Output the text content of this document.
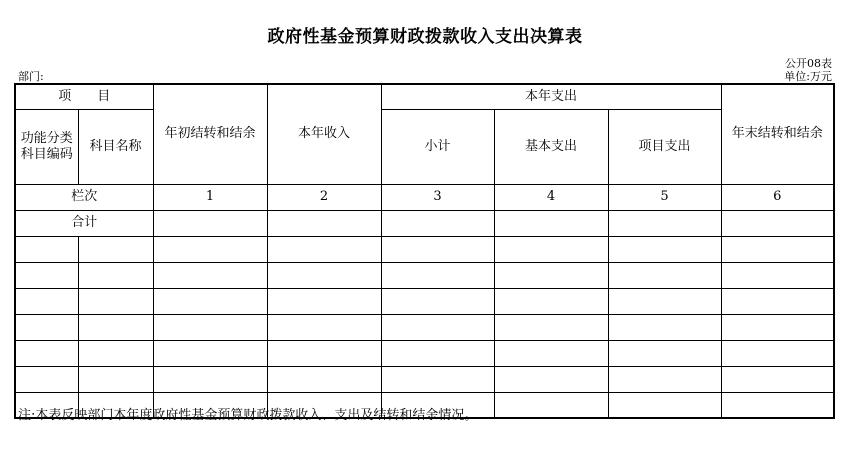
政府性基金预算财政拨款收入支出决算表
公开08表
部门:	单位:万元
项　　目		年初结转和结余	本年收入	本年支出			年末结转和结余
功能分类
科目编码	科目名称			小计	基本支出	项目支出	
栏次		1	2	3	4	5	6
合计							

注:本表反映部门本年度政府性基金预算财政拨款收入、支出及结转和结余情况。
